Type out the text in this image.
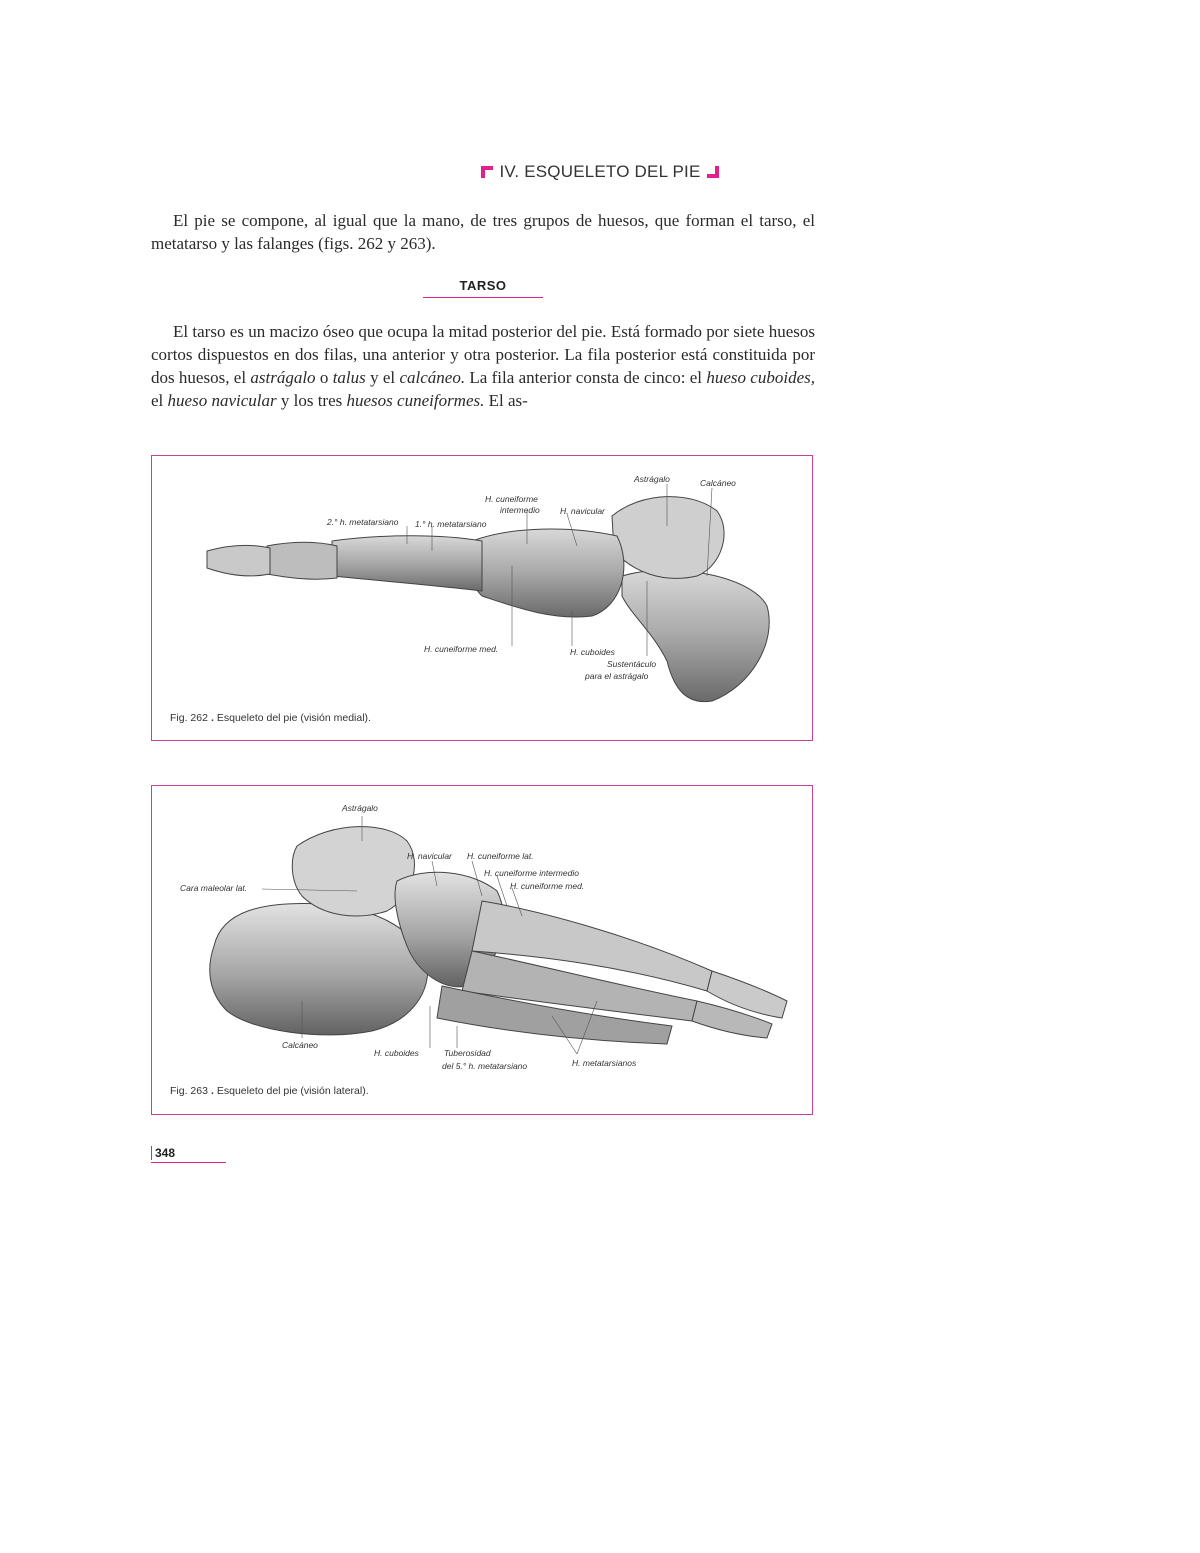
IV. ESQUELETO DEL PIE

El pie se compone, al igual que la mano, de tres grupos de huesos, que forman el tarso, el metatarso y las falanges (figs. 262 y 263).

TARSO

El tarso es un macizo óseo que ocupa la mitad posterior del pie. Está formado por siete huesos cortos dispuestos en dos filas, una anterior y otra posterior. La fila posterior está constituida por dos huesos, el astrágalo o talus y el calcáneo. La fila anterior consta de cinco: el hueso cuboides, el hueso navicular y los tres huesos cuneiformes. El as-

Astrágalo	Calcáneo
H. cuneiforme
intermedio H. navicular
2.° h. metatarsiano 1.° h. metatarsiano
H. cuneiforme med.	H. cuboides
Sustentáculo
para el astrágalo
Fig. 262 . Esqueleto del pie (visión medial).
Astrágalo
H. navicular H. cuneiforme lat.
H. cuneiforme intermedio
H. cuneiforme med.
Cara maleolar lat.
Calcáneo
H. cuboides	Tuberosidad
del 5.° h. metatarsiano	H. metatarsianos
Fig. 263 . Esqueleto del pie (visión lateral).
348
